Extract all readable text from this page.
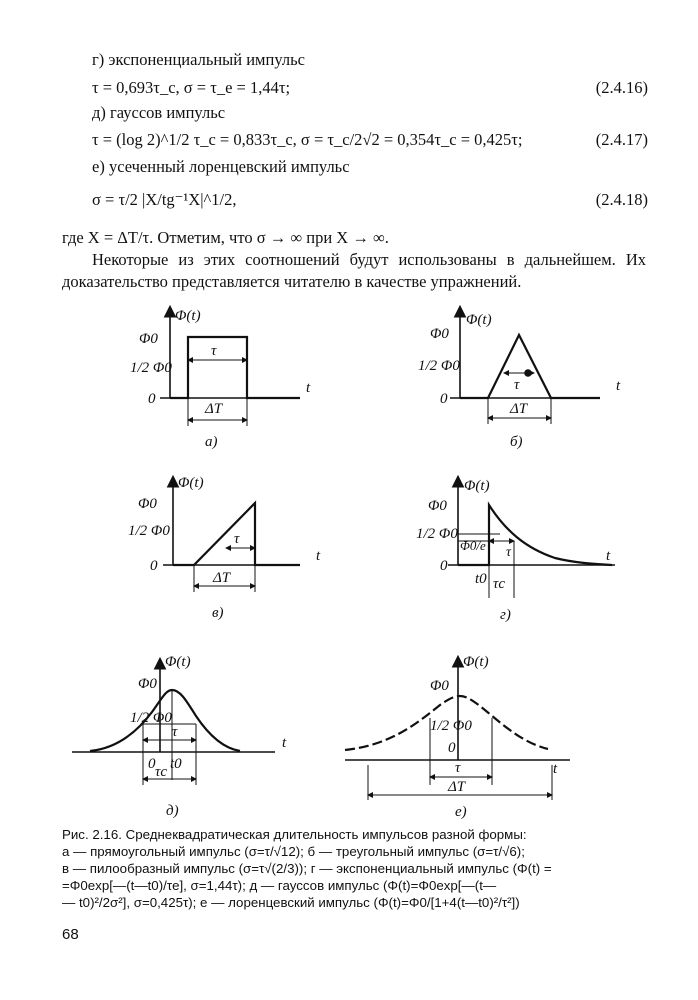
г) экспоненциальный импульс
τ = 0,693τ_c, σ = τ_e = 1,44τ;	(2.4.16)
д) гауссов импульс
τ = (log 2)^1/2 τ_c = 0,833τ_c, σ = τ_c/2√2 = 0,354τ_c = 0,425τ;	(2.4.17)
е) усеченный лоренцевский импульс
σ = τ/2 |X/tg⁻¹X|^1/2,	(2.4.18)
где X = ΔT/τ. Отметим, что σ → ∞ при X → ∞.
Некоторые из этих соотношений будут использованы в дальнейшем. Их доказательство представляется читателю в качестве упражнений.
Φ(t)
t
Φ0
1/2 Φ0
0
τ
ΔT
а)
Φ(t)
t
Φ0
1/2 Φ0
0
τ
ΔT
б)
Φ(t)
t
Φ0
1/2 Φ0
0
τ
ΔT
в)
Φ(t)
t
Φ0
1/2 Φ0
0
Φ0/e τ
t0 τc
г)
Φ(t)
t
Φ0
1/2 Φ0
0
τ
t0
τc
д)
Φ(t)
t
Φ0
1/2 Φ0
0
τ
ΔT
е)
Рис. 2.16. Среднеквадратическая длительность импульсов разной формы:
а — прямоугольный импульс (σ=τ/√12); б — треугольный импульс (σ=τ/√6);
в — пилообразный импульс (σ=τ√(2/3)); г — экспоненциальный импульс (Φ(t) =
=Φ0exp[—(t—t0)/τe], σ=1,44τ); д — гауссов импульс (Φ(t)=Φ0exp[—(t—
— t0)²/2σ²], σ=0,425τ); е — лоренцевский импульс (Φ(t)=Φ0/[1+4(t—t0)²/τ²])
68
